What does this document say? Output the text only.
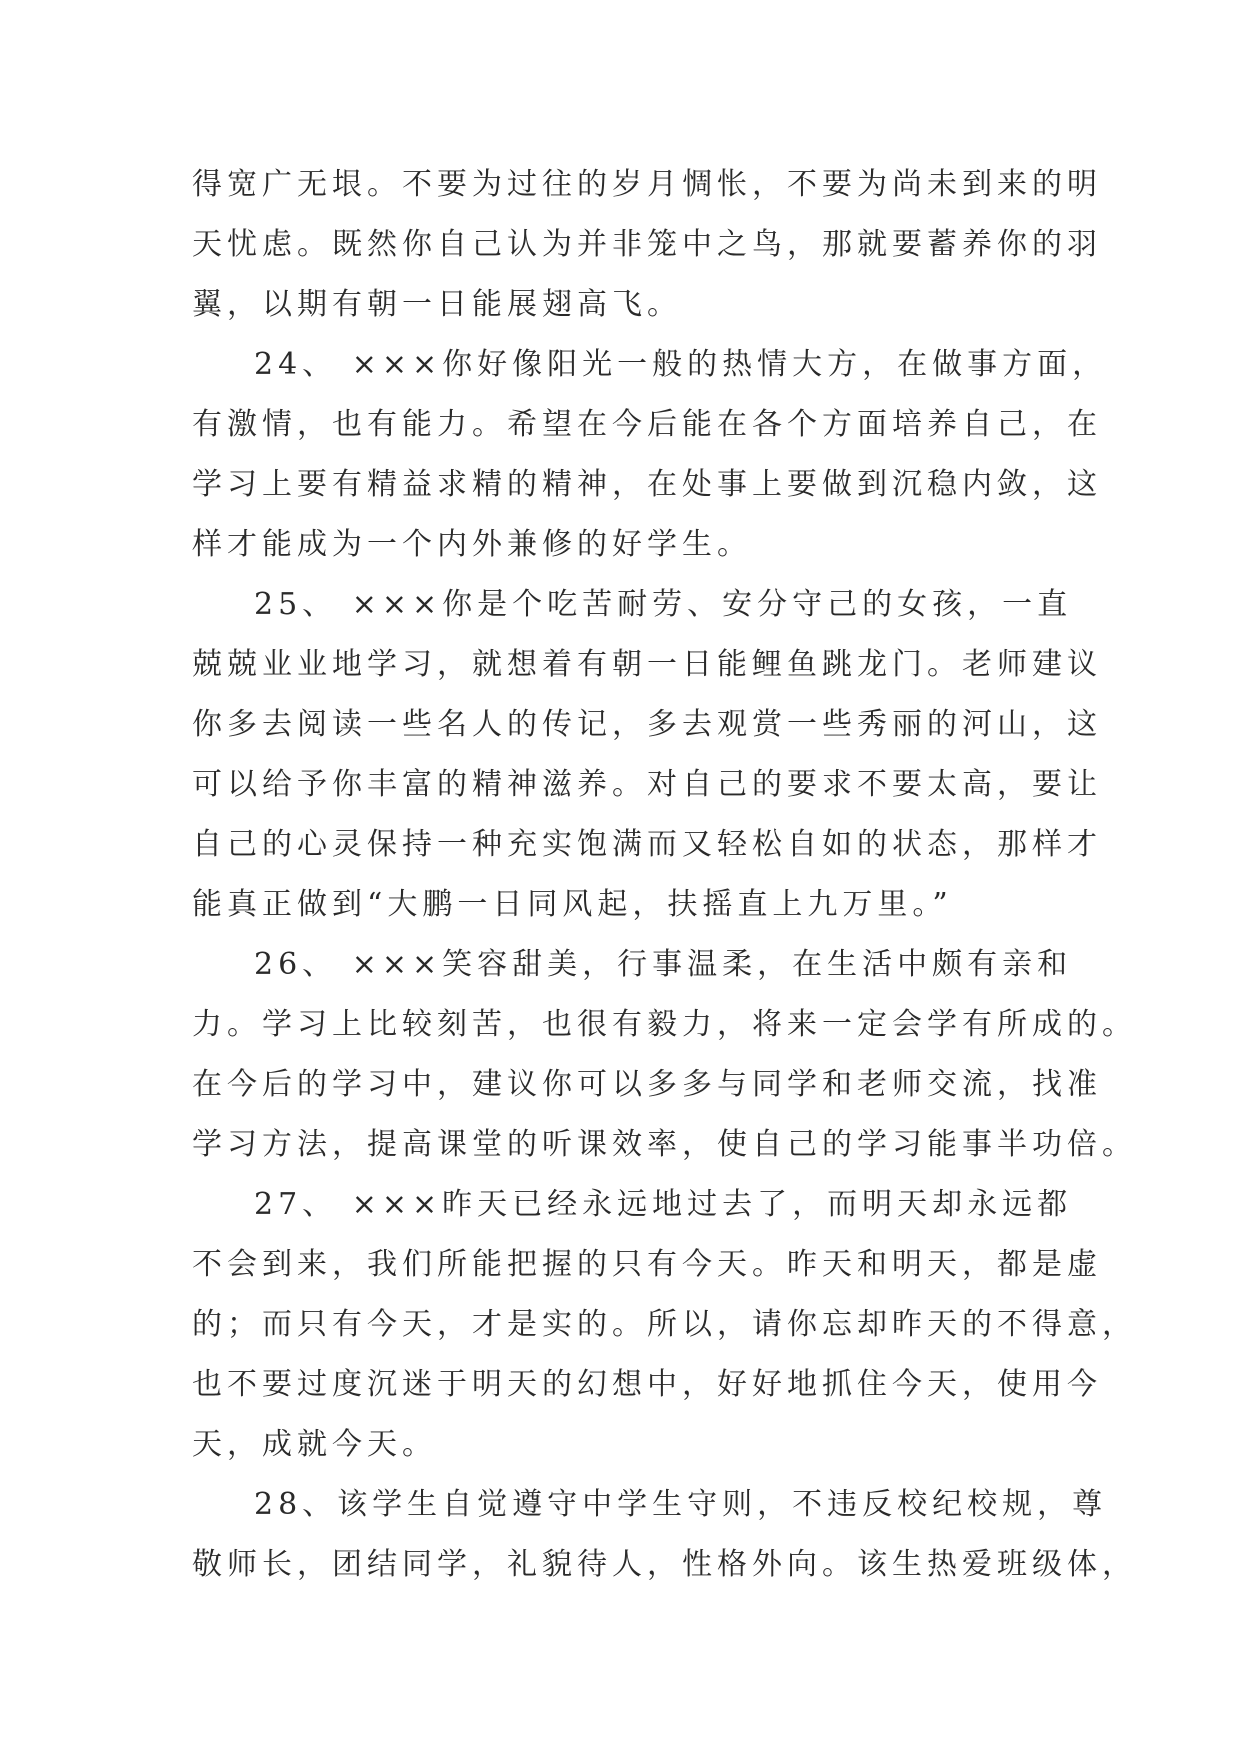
得宽广无垠。不要为过往的岁月惆怅，不要为尚未到来的明
天忧虑。既然你自己认为并非笼中之鸟，那就要蓄养你的羽
翼，以期有朝一日能展翅高飞。

24、 ×××你好像阳光一般的热情大方，在做事方面，
有激情，也有能力。希望在今后能在各个方面培养自己，在
学习上要有精益求精的精神，在处事上要做到沉稳内敛，这
样才能成为一个内外兼修的好学生。

25、 ×××你是个吃苦耐劳、安分守己的女孩，一直
兢兢业业地学习，就想着有朝一日能鲤鱼跳龙门。老师建议
你多去阅读一些名人的传记，多去观赏一些秀丽的河山，这
可以给予你丰富的精神滋养。对自己的要求不要太高，要让
自己的心灵保持一种充实饱满而又轻松自如的状态，那样才
能真正做到“大鹏一日同风起，扶摇直上九万里。”

26、 ×××笑容甜美，行事温柔，在生活中颇有亲和
力。学习上比较刻苦，也很有毅力，将来一定会学有所成的。
在今后的学习中，建议你可以多多与同学和老师交流，找准
学习方法，提高课堂的听课效率，使自己的学习能事半功倍。

27、 ×××昨天已经永远地过去了，而明天却永远都
不会到来，我们所能把握的只有今天。昨天和明天，都是虚
的；而只有今天，才是实的。所以，请你忘却昨天的不得意，
也不要过度沉迷于明天的幻想中，好好地抓住今天，使用今
天，成就今天。

28、该学生自觉遵守中学生守则，不违反校纪校规，尊
敬师长，团结同学，礼貌待人，性格外向。该生热爱班级体，
